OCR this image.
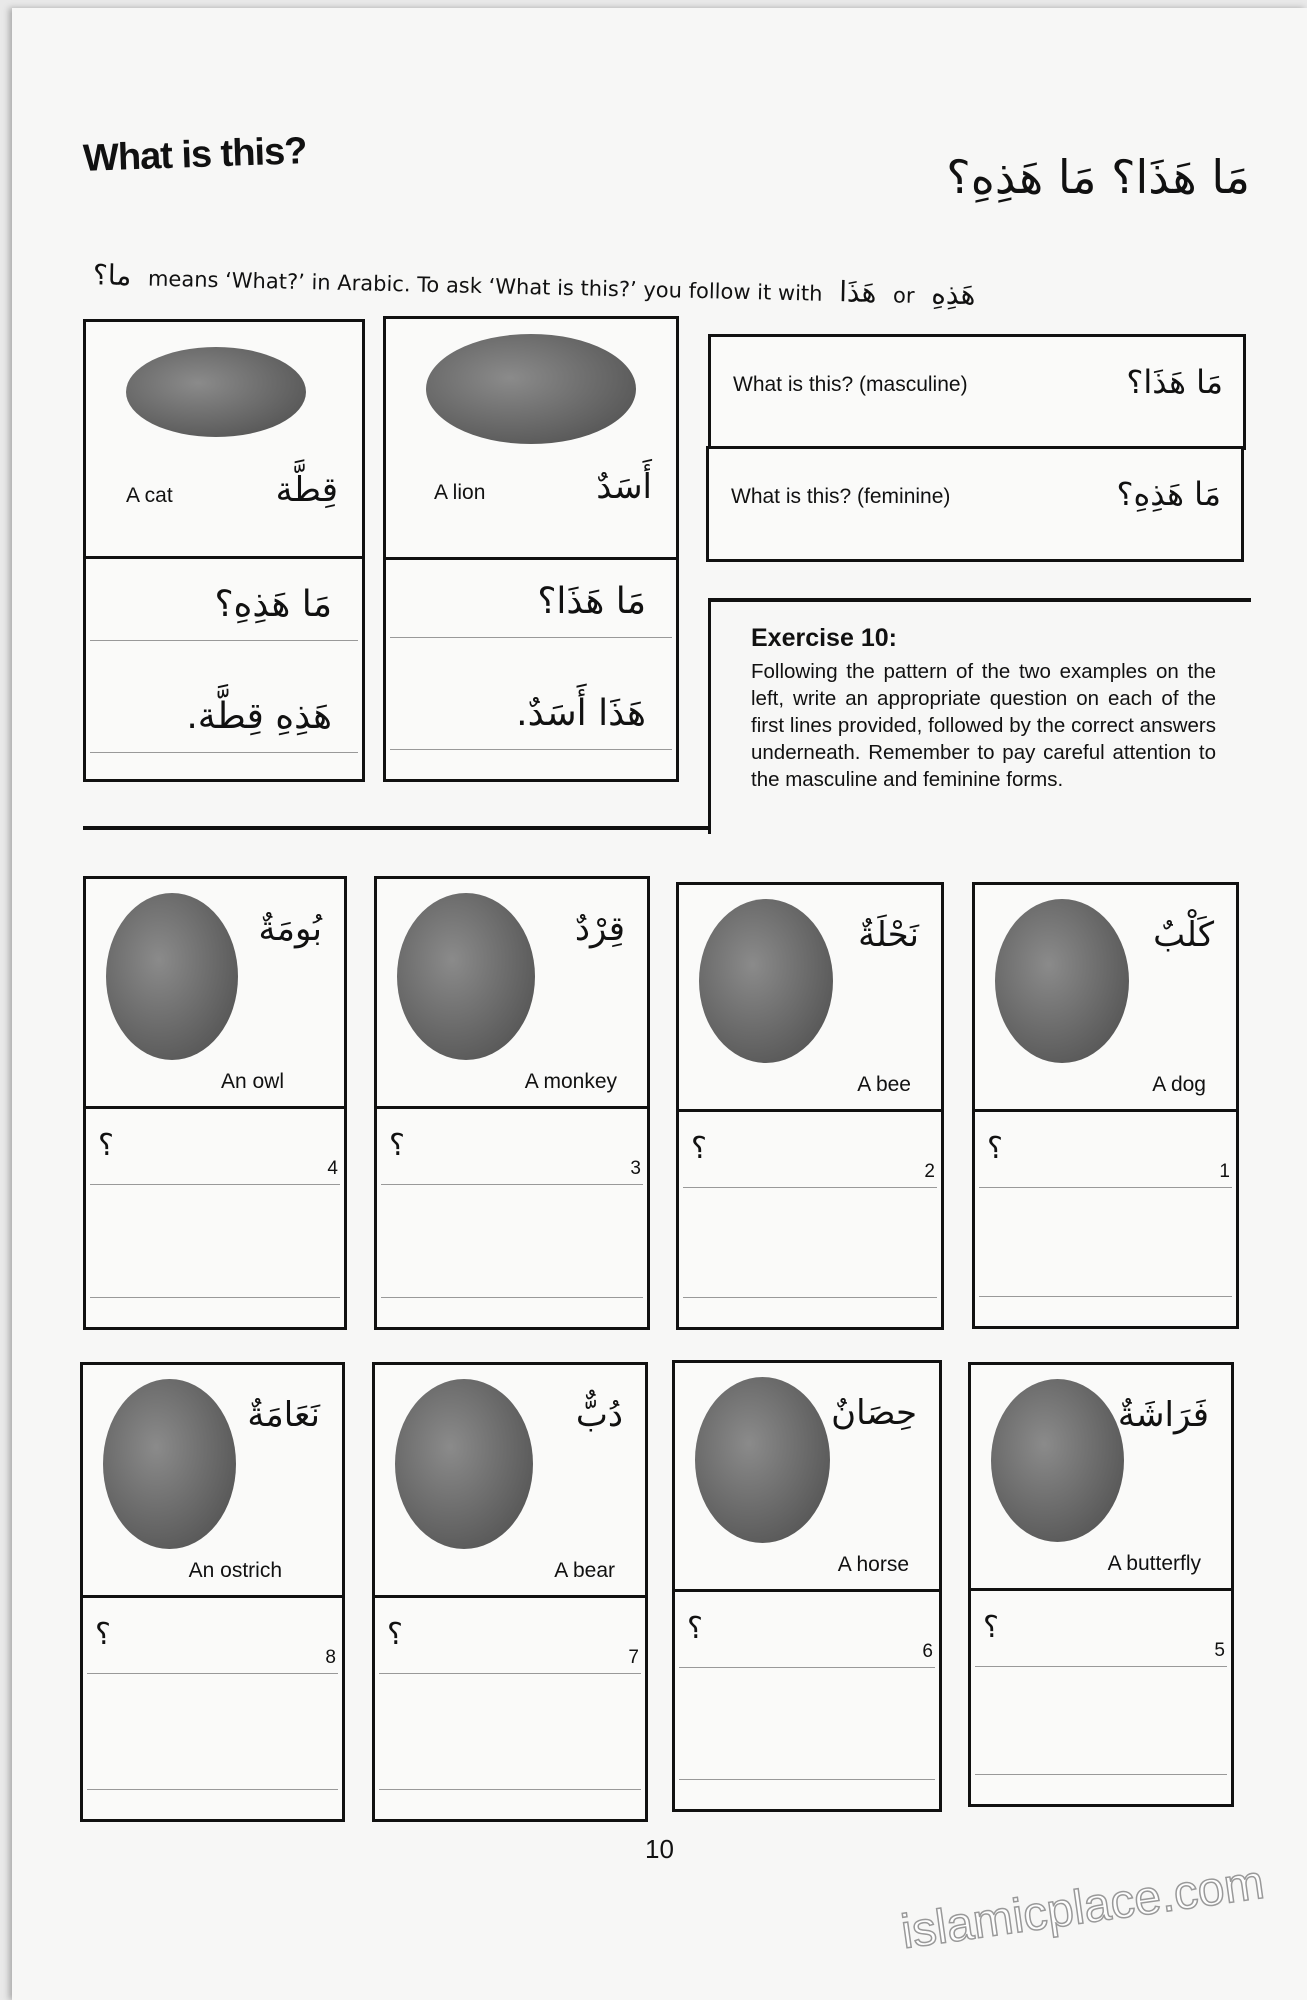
What is this?	مَا هَذَا؟ مَا هَذِهِ؟
ما؟ means ‘What?’ in Arabic. To ask ‘What is this?’ you follow it with هَذَا or هَذِهِ
A cat	قِطَّة
مَا هَذِهِ؟
هَذِهِ قِطَّة.
A lion	أَسَدٌ
مَا هَذَا؟
هَذَا أَسَدٌ.
What is this? (masculine)	مَا هَذَا؟
What is this? (feminine)	مَا هَذِهِ؟
Exercise 10:
Following the pattern of the two examples on the left, write an appropriate question on each of the first lines provided, followed by the correct answers underneath. Remember to pay careful attention to the masculine and feminine forms.
An owl
بُومَةٌ
؟
4
A monkey
قِرْدٌ
؟
3
A bee
نَحْلَةٌ
؟
2
A dog
كَلْبٌ
؟
1
An ostrich
نَعَامَةٌ
؟
8
A bear
دُبٌّ
؟
7
A horse
حِصَانٌ
؟
6
A butterfly
فَرَاشَةٌ
؟
5
10
islamicplace.com
